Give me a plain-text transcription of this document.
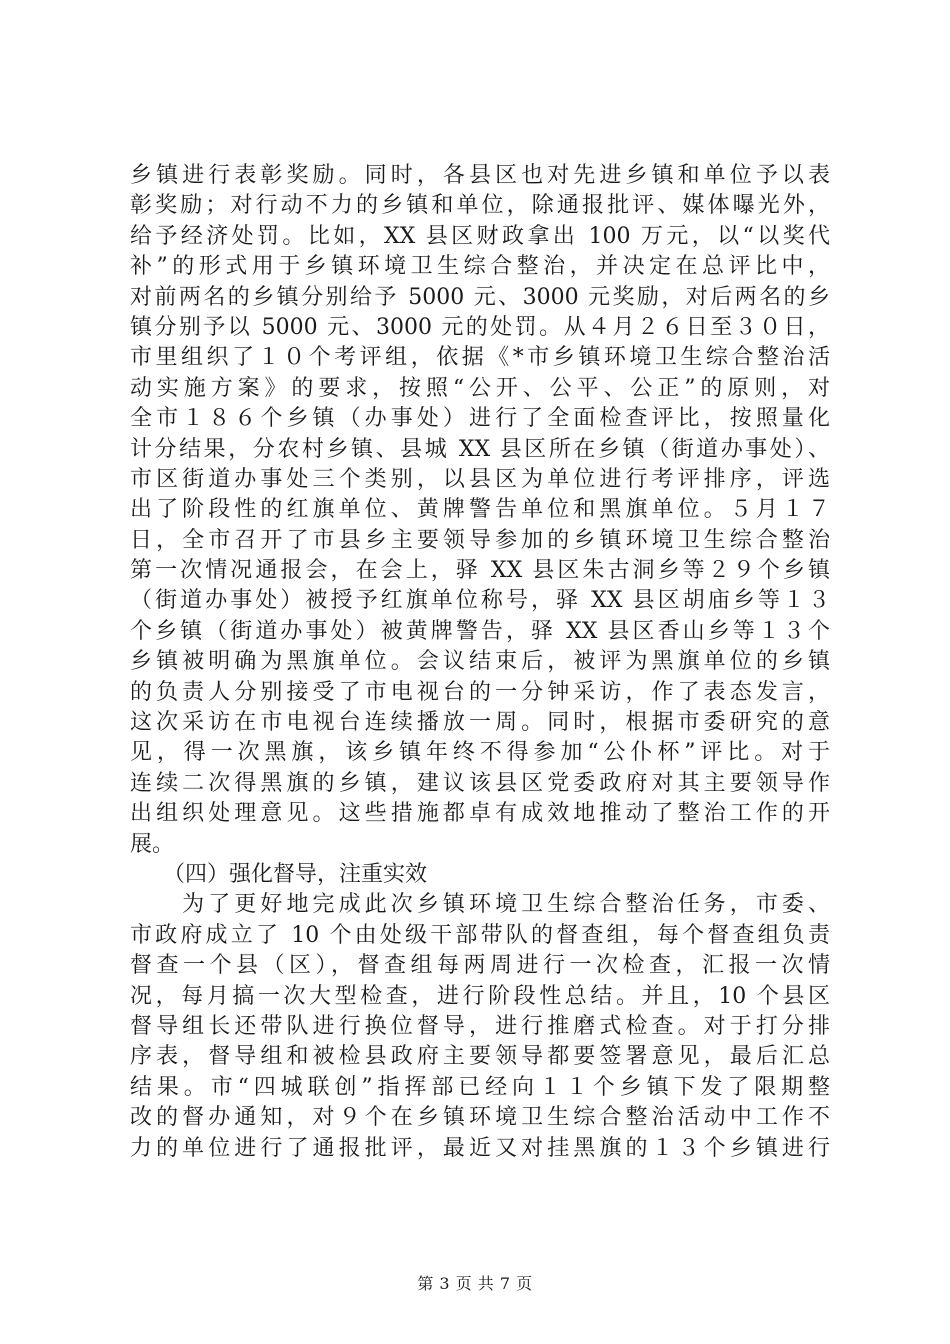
乡镇进行表彰奖励。同时，各县区也对先进乡镇和单位予以表
彰奖励；对行动不力的乡镇和单位，除通报批评、媒体曝光外，
给予经济处罚。比如，XX 县区财政拿出 100 万元，以“以奖代
补”的形式用于乡镇环境卫生综合整治，并决定在总评比中，
对前两名的乡镇分别给予 5000 元、3000 元奖励，对后两名的乡
镇分别予以 5000 元、3000 元的处罚。从４月２６日至３０日，
市里组织了１０个考评组，依据《*市乡镇环境卫生综合整治活
动实施方案》的要求，按照“公开、公平、公正”的原则，对
全市１８６个乡镇（办事处）进行了全面检查评比，按照量化
计分结果，分农村乡镇、县城 XX 县区所在乡镇（街道办事处）、
市区街道办事处三个类别，以县区为单位进行考评排序，评选
出了阶段性的红旗单位、黄牌警告单位和黑旗单位。５月１７
日，全市召开了市县乡主要领导参加的乡镇环境卫生综合整治
第一次情况通报会，在会上，驿 XX 县区朱古洞乡等２９个乡镇
（街道办事处）被授予红旗单位称号，驿 XX 县区胡庙乡等１３
个乡镇（街道办事处）被黄牌警告，驿 XX 县区香山乡等１３个
乡镇被明确为黑旗单位。会议结束后，被评为黑旗单位的乡镇
的负责人分别接受了市电视台的一分钟采访，作了表态发言，
这次采访在市电视台连续播放一周。同时，根据市委研究的意
见，得一次黑旗，该乡镇年终不得参加“公仆杯”评比。对于
连续二次得黑旗的乡镇，建议该县区党委政府对其主要领导作
出组织处理意见。这些措施都卓有成效地推动了整治工作的开
展。
　　（四）强化督导，注重实效
　　为了更好地完成此次乡镇环境卫生综合整治任务，市委、
市政府成立了 10 个由处级干部带队的督查组，每个督查组负责
督查一个县（区），督查组每两周进行一次检查，汇报一次情
况，每月搞一次大型检查，进行阶段性总结。并且，10 个县区
督导组长还带队进行换位督导，进行推磨式检查。对于打分排
序表，督导组和被检县政府主要领导都要签署意见，最后汇总
结果。市“四城联创”指挥部已经向１１个乡镇下发了限期整
改的督办通知，对９个在乡镇环境卫生综合整治活动中工作不
力的单位进行了通报批评，最近又对挂黑旗的１３个乡镇进行
第 3 页 共 7 页
